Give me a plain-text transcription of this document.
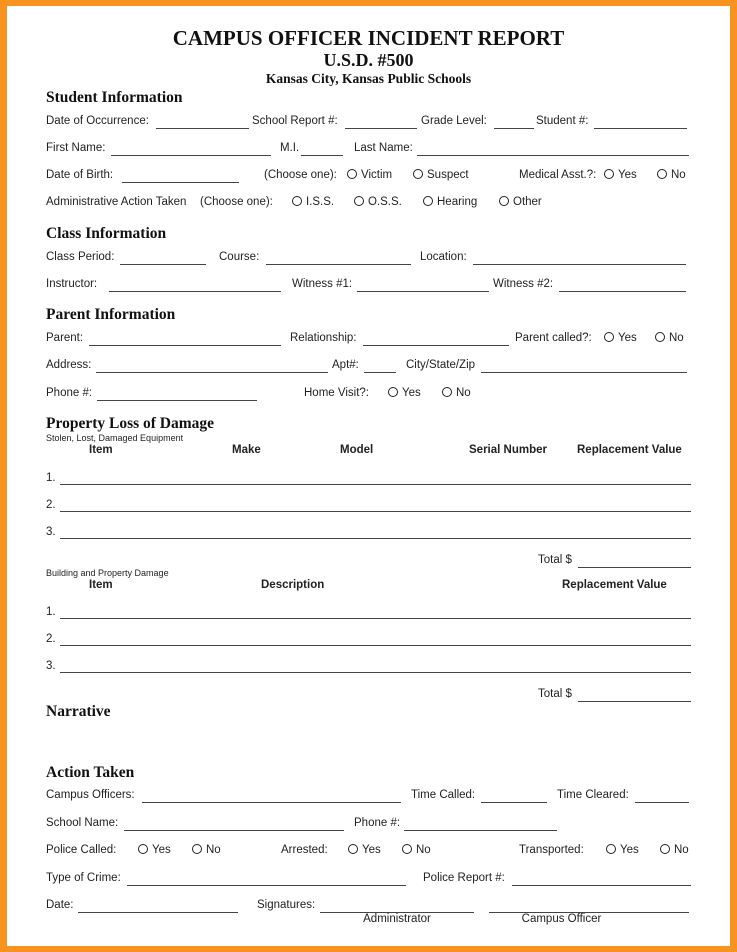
CAMPUS OFFICER INCIDENT REPORT
U.S.D. #500
Kansas City, Kansas Public Schools
Student Information
Date of Occurrence:	School Report #:	Grade Level:	Student #:
First Name:	M.I.	Last Name:
Date of Birth:	(Choose one):	Victim	Suspect	Medical Asst.?:	Yes	No
Administrative Action Taken (Choose one):	I.S.S.	O.S.S.	Hearing	Other
Class Information
Class Period:	Course:	Location:
Instructor:	Witness #1:	Witness #2:
Parent Information
Parent:	Relationship:	Parent called?:	Yes	No
Address:	Apt#:	City/State/Zip
Phone #:	Home Visit?:	Yes	No
Property Loss of Damage
Stolen, Lost, Damaged Equipment
Item	Make	Model	Serial Number	Replacement Value
1.
2.
3.
Total $
Building and Property Damage
Item	Description	Replacement Value
1.
2.
3.
Total $
Narrative
Action Taken
Campus Officers:	Time Called:	Time Cleared:
School Name:	Phone #:
Police Called:	Yes	No	Arrested:	Yes	No	Transported:	Yes	No
Type of Crime:	Police Report #:
Date:	Signatures:
Administrator	Campus Officer
